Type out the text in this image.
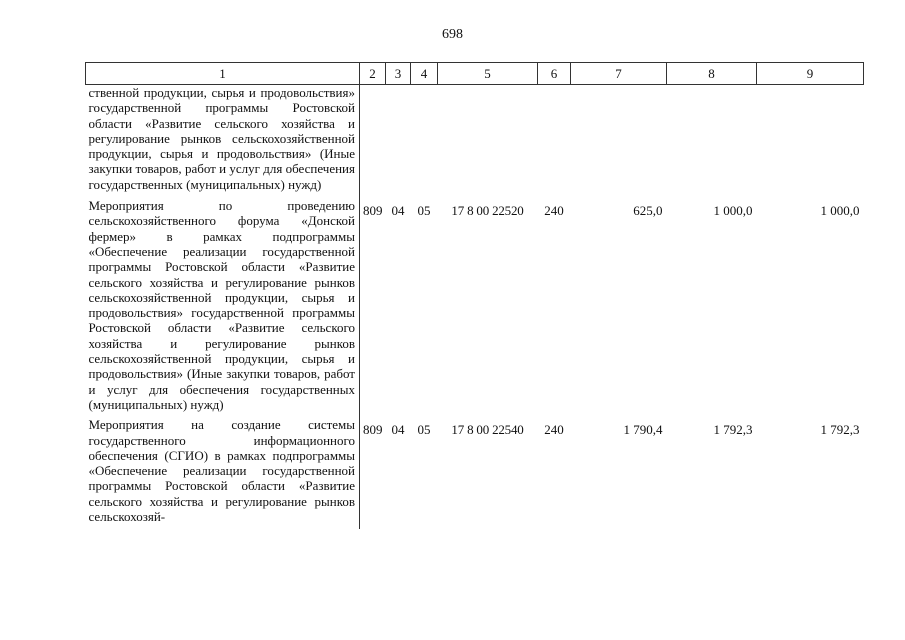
698
1	2	3	4	5	6	7	8	9
ственной продукции, сырья и продовольствия» государственной программы Ростовской области «Развитие сельского хозяйства и регулирование рынков сельскохозяйственной продукции, сырья и продовольствия» (Иные закупки товаров, работ и услуг для обеспечения государственных (муниципальных) нужд)								
Мероприятия по проведению сельскохозяйственного форума «Донской фермер» в рамках подпрограммы «Обеспечение реализации государственной программы Ростовской области «Развитие сельского хозяйства и регулирование рынков сельскохозяйственной продукции, сырья и продовольствия» государственной программы Ростовской области «Развитие сельского хозяйства и регулирование рынков сельскохозяйственной продукции, сырья и продовольствия» (Иные закупки товаров, работ и услуг для обеспечения государственных (муниципальных) нужд)	809	04	05	17 8 00 22520	240	625,0	1 000,0	1 000,0
Мероприятия на создание системы государственного информационного обеспечения (СГИО) в рамках подпрограммы «Обеспечение реализации государственной программы Ростовской области «Развитие сельского хозяйства и регулирование рынков сельскохозяй-	809	04	05	17 8 00 22540	240	1 790,4	1 792,3	1 792,3
